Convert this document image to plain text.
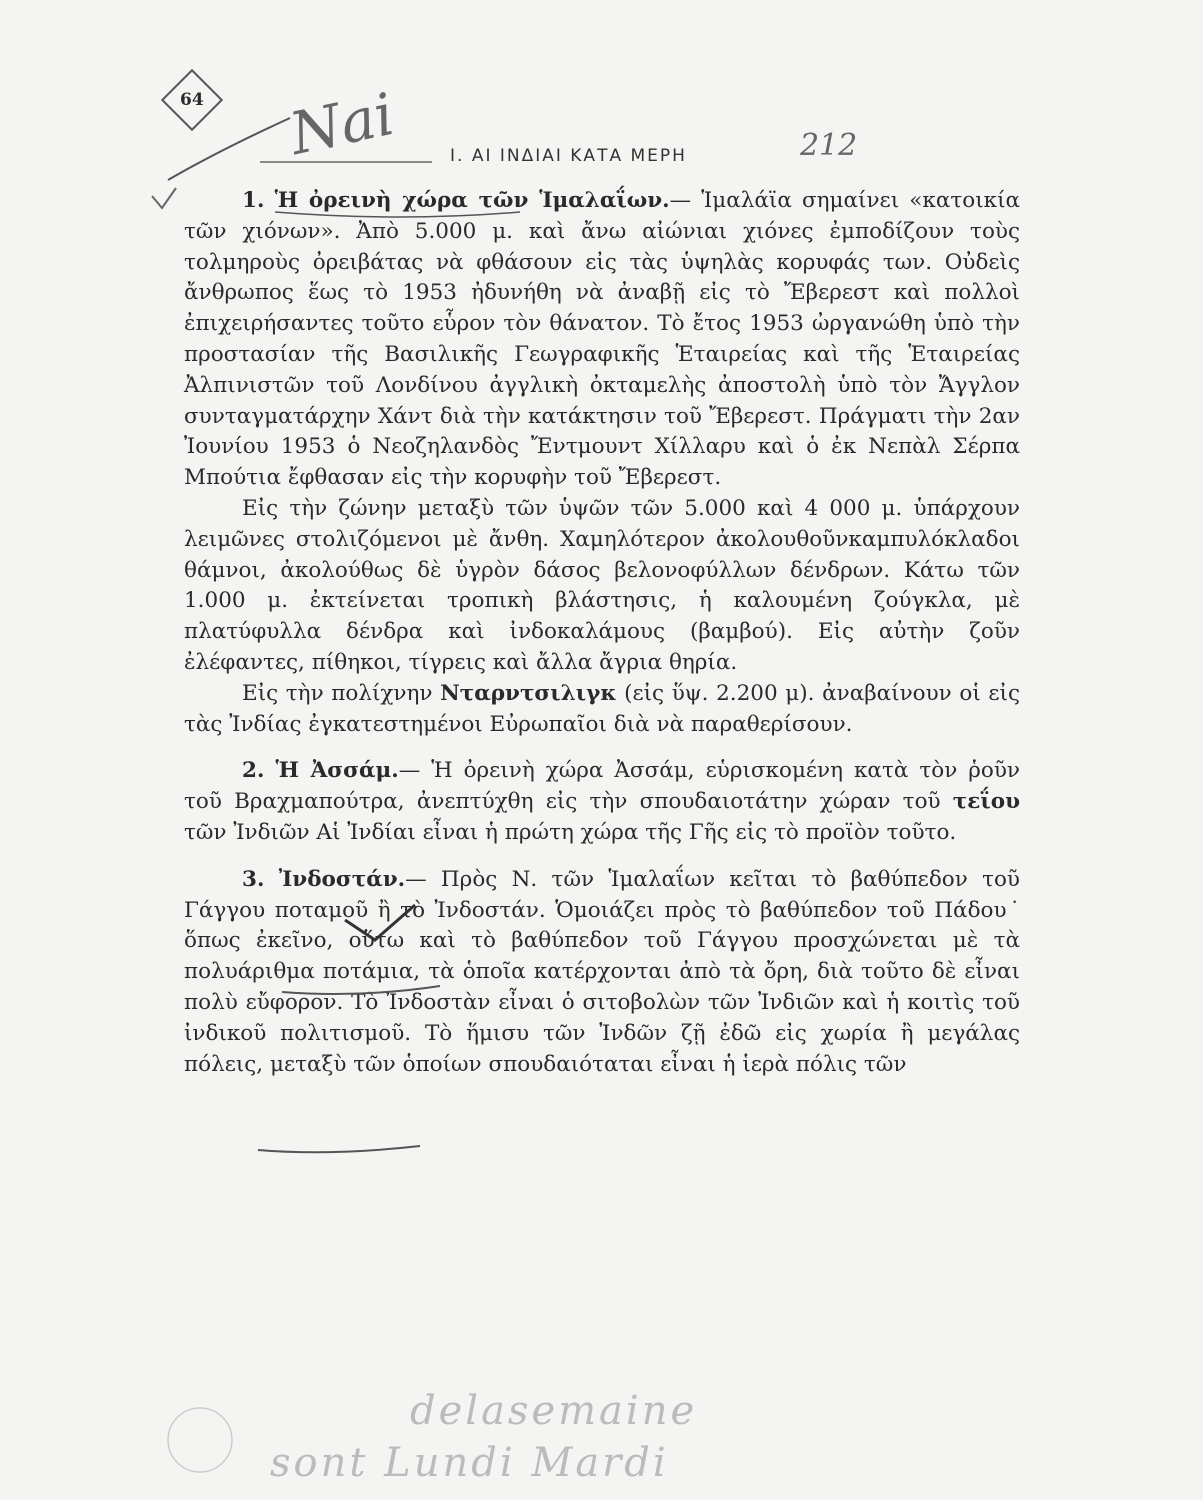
64
Ι. ΑΙ ΙΝΔΙΑΙ ΚΑΤΑ ΜΕΡΗ
Nai	212

1. Ἡ ὀρεινὴ χώρα τῶν Ἱμαλαΐων.— Ἱμαλάϊα σημαίνει «κατοικία τῶν χιόνων». Ἀπὸ 5.000 μ. καὶ ἄνω αἰώνιαι χιόνες ἐμποδίζουν τοὺς τολμηροὺς ὀρειβάτας νὰ φθάσουν εἰς τὰς ὑψηλὰς κορυφάς των. Οὐδεὶς ἄνθρωπος ἕως τὸ 1953 ἠδυνήθη νὰ ἀναβῇ εἰς τὸ Ἔβερεστ καὶ πολλοὶ ἐπιχειρήσαντες τοῦτο εὗρον τὸν θάνατον. Τὸ ἔτος 1953 ὠργανώθη ὑπὸ τὴν προστασίαν τῆς Βασιλικῆς Γεωγραφικῆς Ἑταιρείας καὶ τῆς Ἑταιρείας Ἀλπινιστῶν τοῦ Λονδίνου ἀγγλικὴ ὀκταμελὴς ἀποστολὴ ὑπὸ τὸν Ἄγγλον συνταγματάρχην Χάντ διὰ τὴν κατάκτησιν τοῦ Ἔβερεστ. Πράγματι τὴν 2αν Ἰουνίου 1953 ὁ Νεοζηλανδὸς Ἔντμουντ Χίλλαρυ καὶ ὁ ἐκ Νεπὰλ Σέρπα Μπούτια ἔφθασαν εἰς τὴν κορυφὴν τοῦ Ἔβερεστ.

Εἰς τὴν ζώνην μεταξὺ τῶν ὑψῶν τῶν 5.000 καὶ 4 000 μ. ὑπάρχουν λειμῶνες στολιζόμενοι μὲ ἄνθη. Χαμηλότερον ἀκολουθοῦνκαμπυλόκλαδοι θάμνοι, ἀκολούθως δὲ ὑγρὸν δάσος βελονοφύλλων δένδρων. Κάτω τῶν 1.000 μ. ἐκτείνεται τροπικὴ βλάστησις, ἡ καλουμένη ζούγκλα, μὲ πλατύφυλλα δένδρα καὶ ἰνδοκαλάμους (βαμβού). Εἰς αὐτὴν ζοῦν ἐλέφαντες, πίθηκοι, τίγρεις καὶ ἄλλα ἄγρια θηρία.

Εἰς τὴν πολίχνην Νταρντσιλιγκ (εἰς ὕψ. 2.200 μ). ἀναβαίνουν οἱ εἰς τὰς Ἰνδίας ἐγκατεστημένοι Εὐρωπαῖοι διὰ νὰ παραθερίσουν.

2. Ἡ Ἀσσάμ.— Ἡ ὀρεινὴ χώρα Ἀσσάμ, εὑρισκομένη κατὰ τὸν ῥοῦν τοῦ Βραχμαπούτρα, ἀνεπτύχθη εἰς τὴν σπουδαιοτάτην χώραν τοῦ τεΐου τῶν Ἰνδιῶν Αἱ Ἰνδίαι εἶναι ἡ πρώτη χώρα τῆς Γῆς εἰς τὸ προϊὸν τοῦτο.

3. Ἰνδοστάν.— Πρὸς Ν. τῶν Ἱμαλαΐων κεῖται τὸ βαθύπεδον τοῦ Γάγγου ποταμοῦ ἢ τὸ Ἰνδοστάν. Ὁμοιάζει πρὸς τὸ βαθύπεδον τοῦ Πάδου˙ ὅπως ἐκεῖνο, οὕτω καὶ τὸ βαθύπεδον τοῦ Γάγγου προσχώνεται μὲ τὰ πολυάριθμα ποτάμια, τὰ ὁποῖα κατέρχονται ἀπὸ τὰ ὄρη, διὰ τοῦτο δὲ εἶναι πολὺ εὔφορον. Τὸ Ἰνδοστὰν εἶναι ὁ σιτοβολὼν τῶν Ἰνδιῶν καὶ ἡ κοιτὶς τοῦ ἰνδικοῦ πολιτισμοῦ. Τὸ ἥμισυ τῶν Ἰνδῶν ζῇ ἐδῶ εἰς χωρία ἢ μεγάλας πόλεις, μεταξὺ τῶν ὁποίων σπουδαιόταται εἶναι ἡ ἱερὰ πόλις τῶν

delasemaine
sont Lundi Mardi
